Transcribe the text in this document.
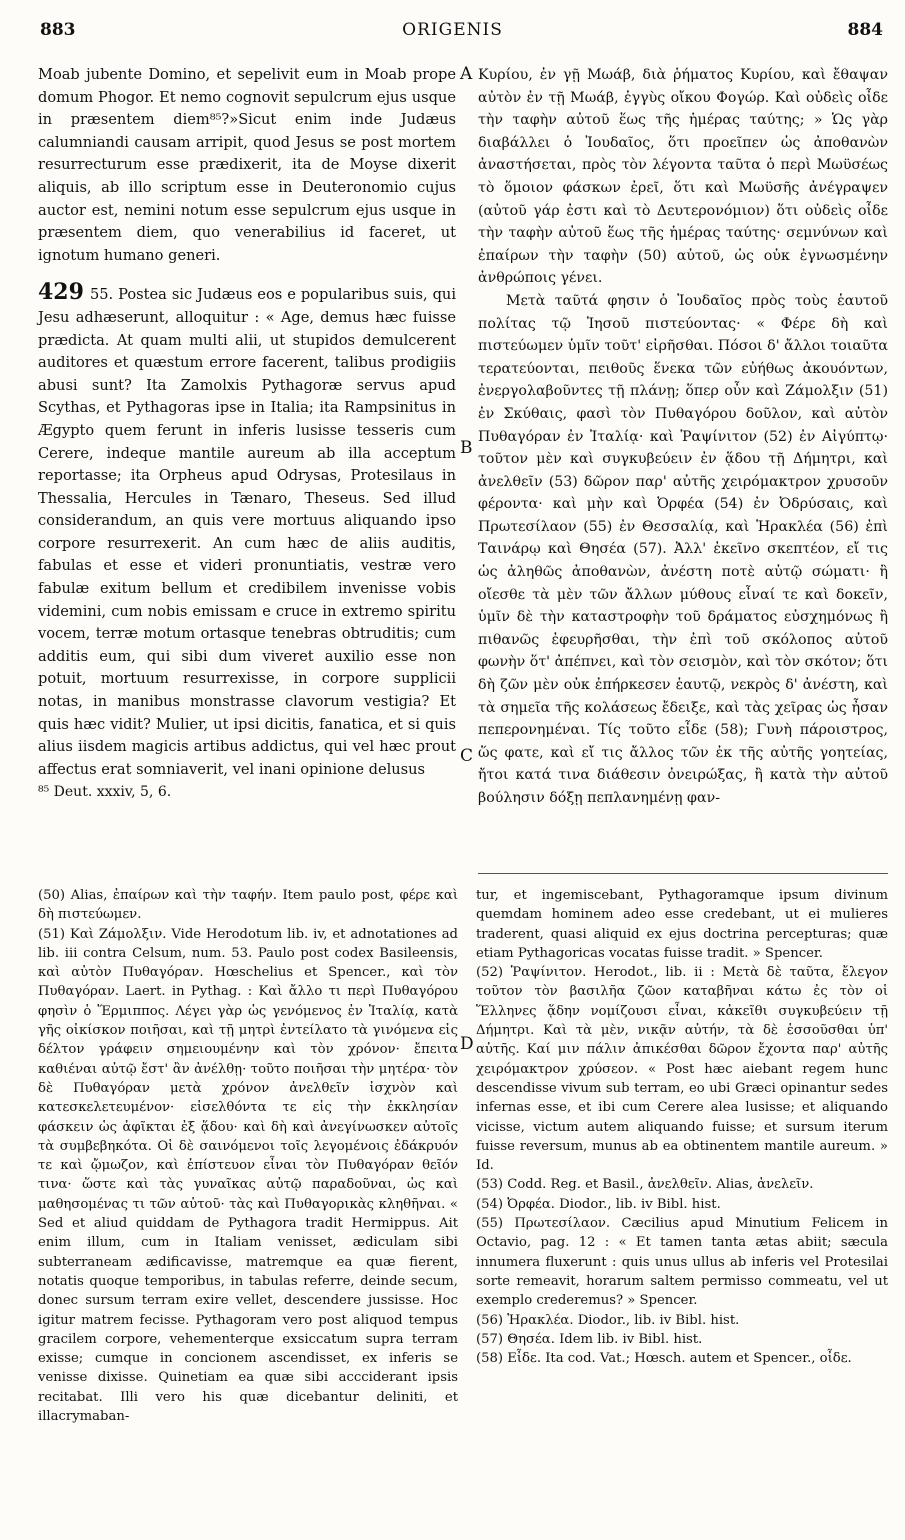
883	ORIGENIS	884

Moab jubente Domino, et sepelivit eum in Moab prope domum Phogor. Et nemo cognovit sepulcrum ejus usque in præsentem diem⁸⁵?»Sicut enim inde Judæus calumniandi causam arripit, quod Jesus se post mortem resurrecturum esse prædixerit, ita de Moyse dixerit aliquis, ab illo scriptum esse in Deuteronomio cujus auctor est, nemini notum esse sepulcrum ejus usque in præsentem diem, quo venerabilius id faceret, ut ignotum humano generi.

429 55. Postea sic Judæus eos e popularibus suis, qui Jesu adhæserunt, alloquitur : « Age, demus hæc fuisse prædicta. At quam multi alii, ut stupidos demulcerent auditores et quæstum errore facerent, talibus prodigiis abusi sunt? Ita Zamolxis Pythagoræ servus apud Scythas, et Pythagoras ipse in Italia; ita Rampsinitus in Ægypto quem ferunt in inferis lusisse tesseris cum Cerere, indeque mantile aureum ab illa acceptum reportasse; ita Orpheus apud Odrysas, Protesilaus in Thessalia, Hercules in Tænaro, Theseus. Sed illud considerandum, an quis vere mortuus aliquando ipso corpore resurrexerit. An cum hæc de aliis auditis, fabulas et esse et videri pronuntiatis, vestræ vero fabulæ exitum bellum et credibilem invenisse vobis videmini, cum nobis emissam e cruce in extremo spiritu vocem, terræ motum ortasque tenebras obtruditis; cum additis eum, qui sibi dum viveret auxilio esse non potuit, mortuum resurrexisse, in corpore supplicii notas, in manibus monstrasse clavorum vestigia? Et quis hæc vidit? Mulier, ut ipsi dicitis, fanatica, et si quis alius iisdem magicis artibus addictus, qui vel hæc prout affectus erat somniaverit, vel inani opinione delusus

⁸⁵ Deut. xxxiv, 5, 6.

A
B
C
D

Κυρίου, ἐν γῇ Μωάβ, διὰ ῥήματος Κυρίου, καὶ ἔθαψαν αὐτὸν ἐν τῇ Μωάβ, ἐγγὺς οἴκου Φογώρ. Καὶ οὐδεὶς οἶδε τὴν ταφὴν αὐτοῦ ἕως τῆς ἡμέρας ταύτης; » Ὡς γὰρ διαβάλλει ὁ Ἰουδαῖος, ὅτι προεῖπεν ὡς ἀποθανὼν ἀναστήσεται, πρὸς τὸν λέγοντα ταῦτα ὁ περὶ Μωϋσέως τὸ ὅμοιον φάσκων ἐρεῖ, ὅτι καὶ Μωϋσῆς ἀνέγραψεν (αὐτοῦ γάρ ἐστι καὶ τὸ Δευτερονόμιον) ὅτι οὐδεὶς οἶδε τὴν ταφὴν αὐτοῦ ἕως τῆς ἡμέρας ταύτης· σεμνύνων καὶ ἐπαίρων τὴν ταφὴν (50) αὐτοῦ, ὡς οὐκ ἐγνωσμένην ἀνθρώποις γένει.

Μετὰ ταῦτά φησιν ὁ Ἰουδαῖος πρὸς τοὺς ἑαυτοῦ πολίτας τῷ Ἰησοῦ πιστεύοντας· « Φέρε δὴ καὶ πιστεύωμεν ὑμῖν τοῦτ' εἰρῆσθαι. Πόσοι δ' ἄλλοι τοιαῦτα τερατεύονται, πειθοῦς ἕνεκα τῶν εὐήθως ἀκουόντων, ἐνεργολαβοῦντες τῇ πλάνῃ; ὅπερ οὖν καὶ Ζάμολξιν (51) ἐν Σκύθαις, φασὶ τὸν Πυθαγόρου δοῦλον, καὶ αὐτὸν Πυθαγόραν ἐν Ἰταλίᾳ· καὶ Ῥαψίνιτον (52) ἐν Αἰγύπτῳ· τοῦτον μὲν καὶ συγκυβεύειν ἐν ᾅδου τῇ Δήμητρι, καὶ ἀνελθεῖν (53) δῶρον παρ' αὐτῆς χειρόμακτρον χρυσοῦν φέροντα· καὶ μὴν καὶ Ὀρφέα (54) ἐν Ὀδρύσαις, καὶ Πρωτεσίλαον (55) ἐν Θεσσαλίᾳ, καὶ Ἡρακλέα (56) ἐπὶ Ταινάρῳ καὶ Θησέα (57). Ἀλλ' ἐκεῖνο σκεπτέον, εἴ τις ὡς ἀληθῶς ἀποθανὼν, ἀνέστη ποτὲ αὐτῷ σώματι· ἢ οἴεσθε τὰ μὲν τῶν ἄλλων μύθους εἶναί τε καὶ δοκεῖν, ὑμῖν δὲ τὴν καταστροφὴν τοῦ δράματος εὐσχημόνως ἢ πιθανῶς ἐφευρῆσθαι, τὴν ἐπὶ τοῦ σκόλοπος αὐτοῦ φωνὴν ὅτ' ἀπέπνει, καὶ τὸν σεισμὸν, καὶ τὸν σκότον; ὅτι δὴ ζῶν μὲν οὐκ ἐπήρκεσεν ἑαυτῷ, νεκρὸς δ' ἀνέστη, καὶ τὰ σημεῖα τῆς κολάσεως ἔδειξε, καὶ τὰς χεῖρας ὡς ἦσαν πεπερονημέναι. Τίς τοῦτο εἶδε (58); Γυνὴ πάροιστρος, ὥς φατε, καὶ εἴ τις ἄλλος τῶν ἐκ τῆς αὐτῆς γοητείας, ἤτοι κατά τινα διάθεσιν ὀνειρώξας, ἢ κατὰ τὴν αὐτοῦ βούλησιν δόξῃ πεπλανημένῃ φαν-

(50) Alias, ἐπαίρων καὶ τὴν ταφήν. Item paulo post, φέρε καὶ δὴ πιστεύωμεν.

(51) Καὶ Ζάμολξιν. Vide Herodotum lib. iv, et adnotationes ad lib. iii contra Celsum, num. 53. Paulo post codex Basileensis, καὶ αὐτὸν Πυθαγόραν. Hœschelius et Spencer., καὶ τὸν Πυθαγόραν. Laert. in Pythag. : Καὶ ἄλλο τι περὶ Πυθαγόρου φησὶν ὁ Ἕρμιππος. Λέγει γὰρ ὡς γενόμενος ἐν Ἰταλίᾳ, κατὰ γῆς οἰκίσκον ποιῆσαι, καὶ τῇ μητρὶ ἐντείλατο τὰ γινόμενα εἰς δέλτον γράφειν σημειουμένην καὶ τὸν χρόνον· ἔπειτα καθιέναι αὐτῷ ἔστ' ἂν ἀνέλθῃ· τοῦτο ποιῆσαι τὴν μητέρα· τὸν δὲ Πυθαγόραν μετὰ χρόνον ἀνελθεῖν ἰσχνὸν καὶ κατεσκελετευμένον· εἰσελθόντα τε εἰς τὴν ἐκκλησίαν φάσκειν ὡς ἀφῖκται ἐξ ᾅδου· καὶ δὴ καὶ ἀνεγίνωσκεν αὐτοῖς τὰ συμβεβηκότα. Οἱ δὲ σαινόμενοι τοῖς λεγομένοις ἐδάκρυόν τε καὶ ᾤμωζον, καὶ ἐπίστευον εἶναι τὸν Πυθαγόραν θεῖόν τινα· ὥστε καὶ τὰς γυναῖκας αὐτῷ παραδοῦναι, ὡς καὶ μαθησομένας τι τῶν αὐτοῦ· τὰς καὶ Πυθαγορικὰς κληθῆναι. « Sed et aliud quiddam de Pythagora tradit Hermippus. Ait enim illum, cum in Italiam venisset, ædiculam sibi subterraneam ædificavisse, matremque ea quæ fierent, notatis quoque temporibus, in tabulas referre, deinde secum, donec sursum terram exire vellet, descendere jussisse. Hoc igitur matrem fecisse. Pythagoram vero post aliquod tempus gracilem corpore, vehementerque exsiccatum supra terram exisse; cumque in concionem ascendisset, ex inferis se venisse dixisse. Quinetiam ea quæ sibi accciderant ipsis recitabat. Illi vero his quæ dicebantur deliniti, et illacrymaban-

tur, et ingemiscebant, Pythagoramque ipsum divinum quemdam hominem adeo esse credebant, ut ei mulieres traderent, quasi aliquid ex ejus doctrina percepturas; quæ etiam Pythagoricas vocatas fuisse tradit. » Spencer.

(52) Ῥαψίνιτον. Herodot., lib. ii : Μετὰ δὲ ταῦτα, ἔλεγον τοῦτον τὸν βασιλῆα ζῶον καταβῆναι κάτω ἐς τὸν οἱ Ἕλληνες ᾅδην νομίζουσι εἶναι, κἀκεῖθι συγκυβεύειν τῇ Δήμητρι. Καὶ τὰ μὲν, νικᾷν αὐτήν, τὰ δὲ ἑσσοῦσθαι ὑπ' αὐτῆς. Καί μιν πάλιν ἀπικέσθαι δῶρον ἔχοντα παρ' αὐτῆς χειρόμακτρον χρύσεον. « Post hæc aiebant regem hunc descendisse vivum sub terram, eo ubi Græci opinantur sedes infernas esse, et ibi cum Cerere alea lusisse; et aliquando vicisse, victum autem aliquando fuisse; et sursum iterum fuisse reversum, munus ab ea obtinentem mantile aureum. » Id.

(53) Codd. Reg. et Basil., ἀνελθεῖν. Alias, ἀνελεῖν.

(54) Ὀρφέα. Diodor., lib. iv Bibl. hist.

(55) Πρωτεσίλαον. Cæcilius apud Minutium Felicem in Octavio, pag. 12 : « Et tamen tanta ætas abiit; sæcula innumera fluxerunt : quis unus ullus ab inferis vel Protesilai sorte remeavit, horarum saltem permisso commeatu, vel ut exemplo crederemus? » Spencer.

(56) Ἡρακλέα. Diodor., lib. iv Bibl. hist.

(57) Θησέα. Idem lib. iv Bibl. hist.

(58) Εἶδε. Ita cod. Vat.; Hœsch. autem et Spencer., οἶδε.
